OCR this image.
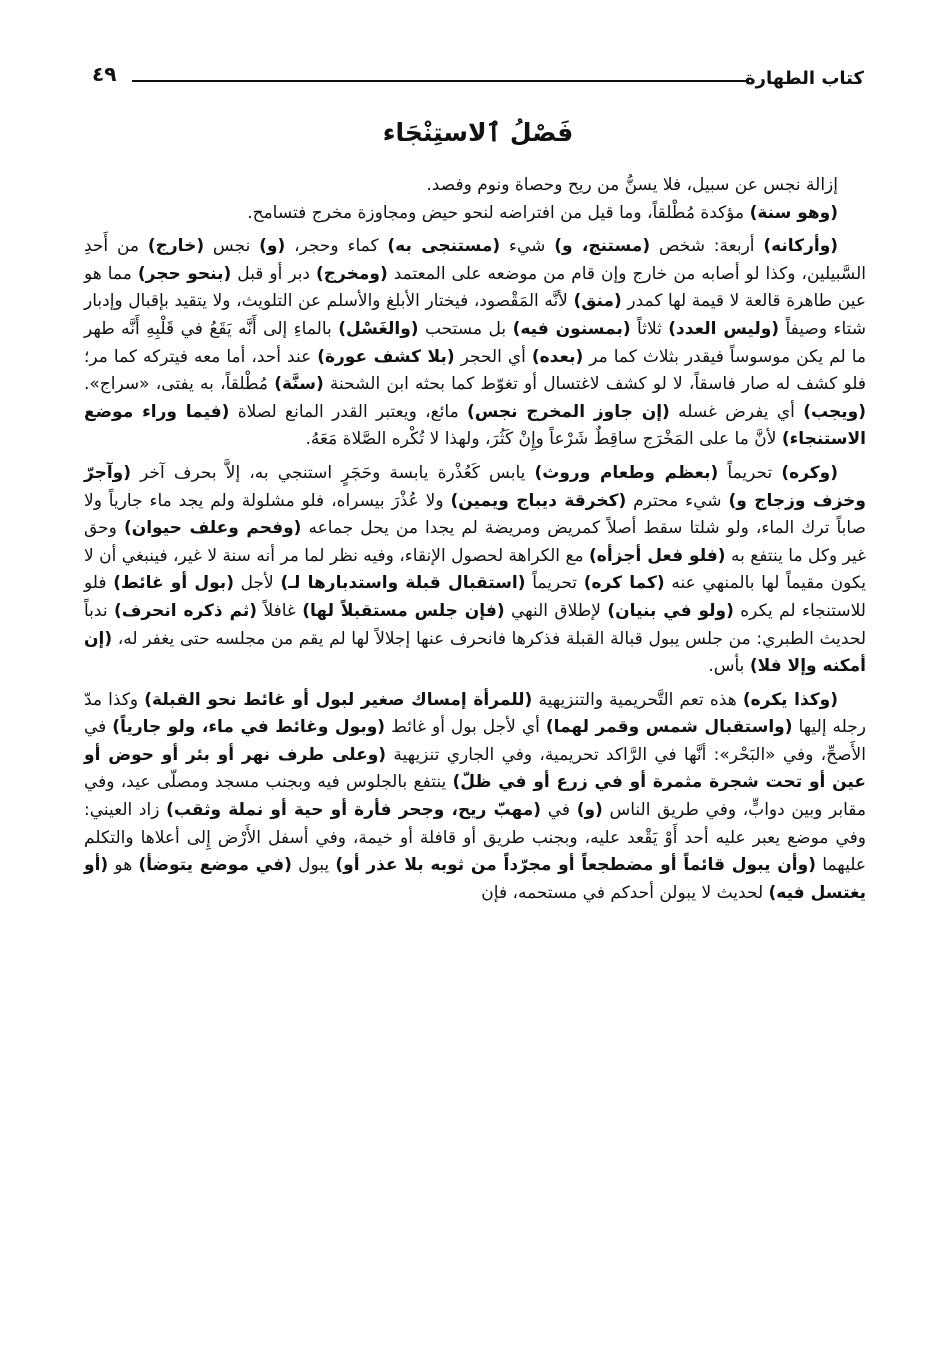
كتاب الطهارة
٤٩
فَصْلُ ٱلاستِنْجَاء

إزالة نجس عن سبيل، فلا يسنُّ من ريح وحصاة ونوم وفصد.

(وهو سنة) مؤكدة مُطْلقاً، وما قيل من افتراضه لنحو حيض ومجاوزة مخرج فتسامح.

(وأركانه) أربعة: شخص (مستنج، و) شيء (مستنجى به) كماء وحجر، (و) نجس (خارج) من أَحدِ السَّبيلين، وكذا لو أصابه من خارج وإن قام من موضعه على المعتمد (ومخرج) دبر أو قبل (بنحو حجر) مما هو عين طاهرة قالعة لا قيمة لها كمدر (منق) لأنَّه المَقْصود، فيختار الأبلغ والأسلم عن التلويث، ولا يتقيد بإقبال وإدبار شتاء وصيفاً (وليس العدد) ثلاثاً (بمسنون فيه) بل مستحب (والغَسْل) بالماءِ إلى أَنَّه يَقَعُ في قَلْبِهِ أَنَّه طهر ما لم يكن موسوساً فيقدر بثلاث كما مر (بعده) أي الحجر (بلا كشف عورة) عند أحد، أما معه فيتركه كما مر؛ فلو كشف له صار فاسقاً، لا لو كشف لاغتسال أو تغوّط كما بحثه ابن الشحنة (سنَّة) مُطْلقاً، به يفتى، «سراج». (ويجب) أي يفرض غسله (إن جاوز المخرج نجس) مائع، ويعتبر القدر المانع لصلاة (فيما وراء موضع الاستنجاء) لأنَّ ما على المَخْرَج ساقِطٌ شَرْعاً وإِنْ كَثُرَ، ولهذا لا تُكْره الصَّلاة مَعَهُ.

(وكره) تحريماً (بعظم وطعام وروث) يابس كَعُذْرة يابسة وحَجَرٍ استنجي به، إلاَّ بحرف آخر (وآجرّ وخزف وزجاج و) شيء محترم (كخرقة ديباج ويمين) ولا عُذْرَ بيسراه، فلو مشلولة ولم يجد ماء جارياً ولا صاباً ترك الماء، ولو شلتا سقط أصلاً كمريض ومريضة لم يجدا من يحل جماعه (وفحم وعلف حيوان) وحق غير وكل ما ينتفع به (فلو فعل أجزأه) مع الكراهة لحصول الإنقاء، وفيه نظر لما مر أنه سنة لا غير، فينبغي أن لا يكون مقيماً لها بالمنهي عنه (كما كره) تحريماً (استقبال قبلة واستدبارها لـ) لأجل (بول أو غائط) فلو للاستنجاء لم يكره (ولو في بنيان) لإطلاق النهي (فإن جلس مستقبلاً لها) غافلاً (ثم ذكره انحرف) ندباً لحديث الطبري: من جلس يبول قبالة القبلة فذكرها فانحرف عنها إجلالاً لها لم يقم من مجلسه حتى يغفر له، (إن أمكنه وإلا فلا) بأس.

(وكذا يكره) هذه تعم التَّحريمية والتنزيهية (للمرأة إمساك صغير لبول أو غائط نحو القبلة) وكذا مدّ رجله إليها (واستقبال شمس وقمر لهما) أي لأجل بول أو غائط (وبول وغائط في ماء، ولو جارياً) في الأَصحِّ، وفي «البَحْر»: أنَّها في الرَّاكد تحريمية، وفي الجاري تنزيهية (وعلى طرف نهر أو بئر أو حوض أو عين أو تحت شجرة مثمرة أو في زرع أو في ظلّ) ينتفع بالجلوس فيه وبجنب مسجد ومصلّى عيد، وفي مقابر وبين دوابٍّ، وفي طريق الناس (و) في (مهبّ ريح، وجحر فأرة أو حية أو نملة وثقب) زاد العيني: وفي موضع يعبر عليه أحد أَوْ يَقْعد عليه، وبجنب طريق أو قافلة أو خيمة، وفي أسفل الأَرْض إِلى أعلاها والتكلم عليهما (وأن يبول قائماً أو مضطجعاً أو مجرّداً من ثوبه بلا عذر أو) يبول (في موضع يتوضأ) هو (أو يغتسل فيه) لحديث لا يبولن أحدكم في مستحمه، فإن
